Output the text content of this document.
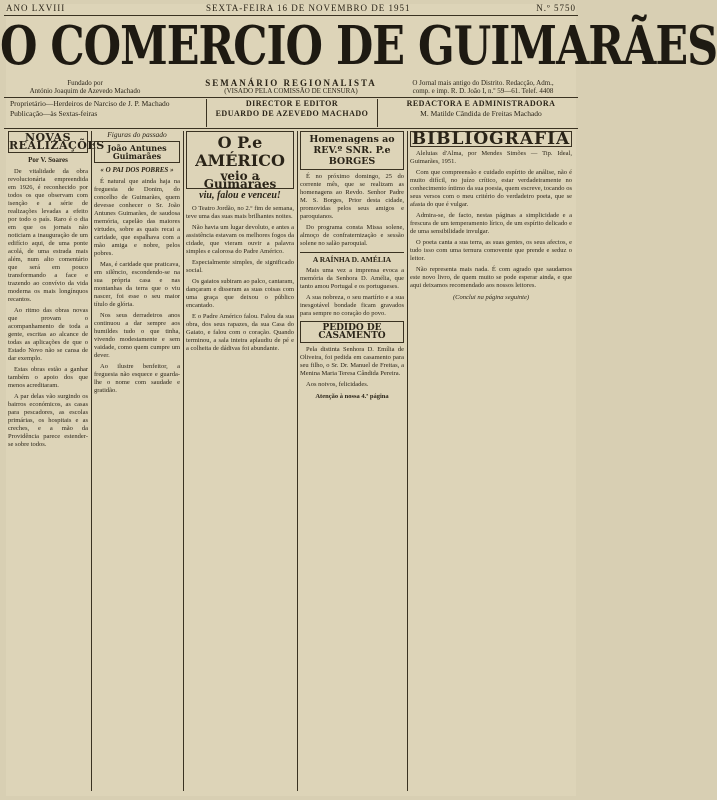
ANO LXVIII	SEXTA-FEIRA 16 DE NOVEMBRO DE 1951	N.º 5750
O COMERCIO DE GUIMARÃES
Fundado por
António Joaquim de Azevedo Machado
SEMANÁRIO REGIONALISTA
(VISADO PELA COMISSÃO DE CENSURA)
O Jornal mais antigo do Distrito. Redacção, Adm.,
comp. e imp. R. D. João I, n.º 59—61. Telef. 4408
Proprietário—Herdeiros de Narciso de J. P. Machado
Publicação—às Sextas-feiras
DIRECTOR E EDITOR
EDUARDO DE AZEVEDO MACHADO
REDACTORA E ADMINISTRADORA
M. Matilde Cândida de Freitas Machado
NOVAS REALIZAÇÕES
Por V. Soares

De vitalidade da obra revolucionária empreendida em 1926, é reconhecido por todos os que observam com isenção e a série de realizações levadas a efeito por todo o país. Raro é o dia em que os jornais não noticiam a inauguração de um edifício aqui, de uma ponte acolá, de uma estrada mais além, num alto comentário que será em pouco transformando a face e trazendo ao convívio da vida moderna os mais longínquos recantos.

Ao ritmo das obras novas que provam o acompanhamento de toda a gente, escritas ao alcance de todas as aplicações de que o Estado Novo não se cansa de dar exemplo.

Estas obras estão a ganhar também o apoio dos que menos acreditaram.

A par delas vão surgindo os bairros económicos, as casas para pescadores, as escolas primárias, os hospitais e as creches, e a mão da Providência parece estender-se sobre todos.

Figuras do passado
João Antunes Guimarães
« O PAI DOS POBRES »

É natural que ainda haja na freguesia de Donim, do concelho de Guimarães, quem devesse conhecer o Sr. João Antunes Guimarães, de saudosa memória, capelão das maiores virtudes, sobre as quais recai a caridade, que espalhava com a mão amiga e nobre, pelos pobres.

Mas, é caridade que praticava, em silêncio, escondendo-se na sua própria casa e nas montanhas da terra que o viu nascer, foi esse o seu maior título de glória.

Nos seus derradeiros anos continuou a dar sempre aos humildes tudo o que tinha, vivendo modestamente e sem vaidade, como quem cumpre um dever.

Ao ilustre benfeitor, a freguesia não esquece e guarda-lhe o nome com saudade e gratidão.

O P.e AMÉRICO
veio a Guimarães
viu, falou e venceu!

O Teatro Jordão, no 2.º fim de semana, teve uma das suas mais brilhantes noites.

Não havia um lugar devoluto, e antes a assistência estavam os melhores fogos da cidade, que vieram ouvir a palavra simples e calorosa do Padre Américo.

Especialmente simples, de significado social.

Os gaiatos subiram ao palco, cantaram, dançaram e disseram as suas coisas com uma graça que deixou o público encantado.

E o Padre Américo falou. Falou da sua obra, dos seus rapazes, da sua Casa do Gaiato, e falou com o coração. Quando terminou, a sala inteira aplaudiu de pé e a colheita de dádivas foi abundante.

Homenagens ao
REV.º SNR. P.e BORGES

É no próximo domingo, 25 do corrente mês, que se realizam as homenagens ao Revdo. Senhor Padre M. S. Borges, Prior desta cidade, promovidas pelos seus amigos e paroquianos.

Do programa consta Missa solene, almoço de confraternização e sessão solene no salão paroquial.

A RAÍNHA D. AMÉLIA

Mais uma vez a imprensa evoca a memória da Senhora D. Amélia, que tanto amou Portugal e os portugueses.

A sua nobreza, o seu martírio e a sua inesgotável bondade ficam gravados para sempre no coração do povo.

PEDIDO DE CASAMENTO

Pela distinta Senhora D. Emília de Oliveira, foi pedida em casamento para seu filho, o Sr. Dr. Manuel de Freitas, a Menina Maria Teresa Cândida Pereira.

Aos noivos, felicidades.

Atenção à nossa 4.ª página
BIBLIOGRAFIA

Aleluias d'Alma, por Mendes Simões — Tip. Ideal, Guimarães, 1951.

Com que compreensão e cuidado espírito de análise, não é muito difícil, no juízo crítico, estar verdadeiramente no conhecimento íntimo da sua poesia, quem escreve, tocando os seus versos com o meu critério do verdadeiro poeta, que se afasta do que é vulgar.

Admira-se, de facto, nestas páginas a simplicidade e a frescura de um temperamento lírico, de um espírito delicado e de uma sensibilidade invulgar.

O poeta canta a sua terra, as suas gentes, os seus afectos, e tudo isso com uma ternura comovente que prende e seduz o leitor.

Não representa mais nada. É com agrado que saudamos este novo livro, de quem muito se pode esperar ainda, e que aqui deixamos recomendado aos nossos leitores.

(Conclui na página seguinte)
